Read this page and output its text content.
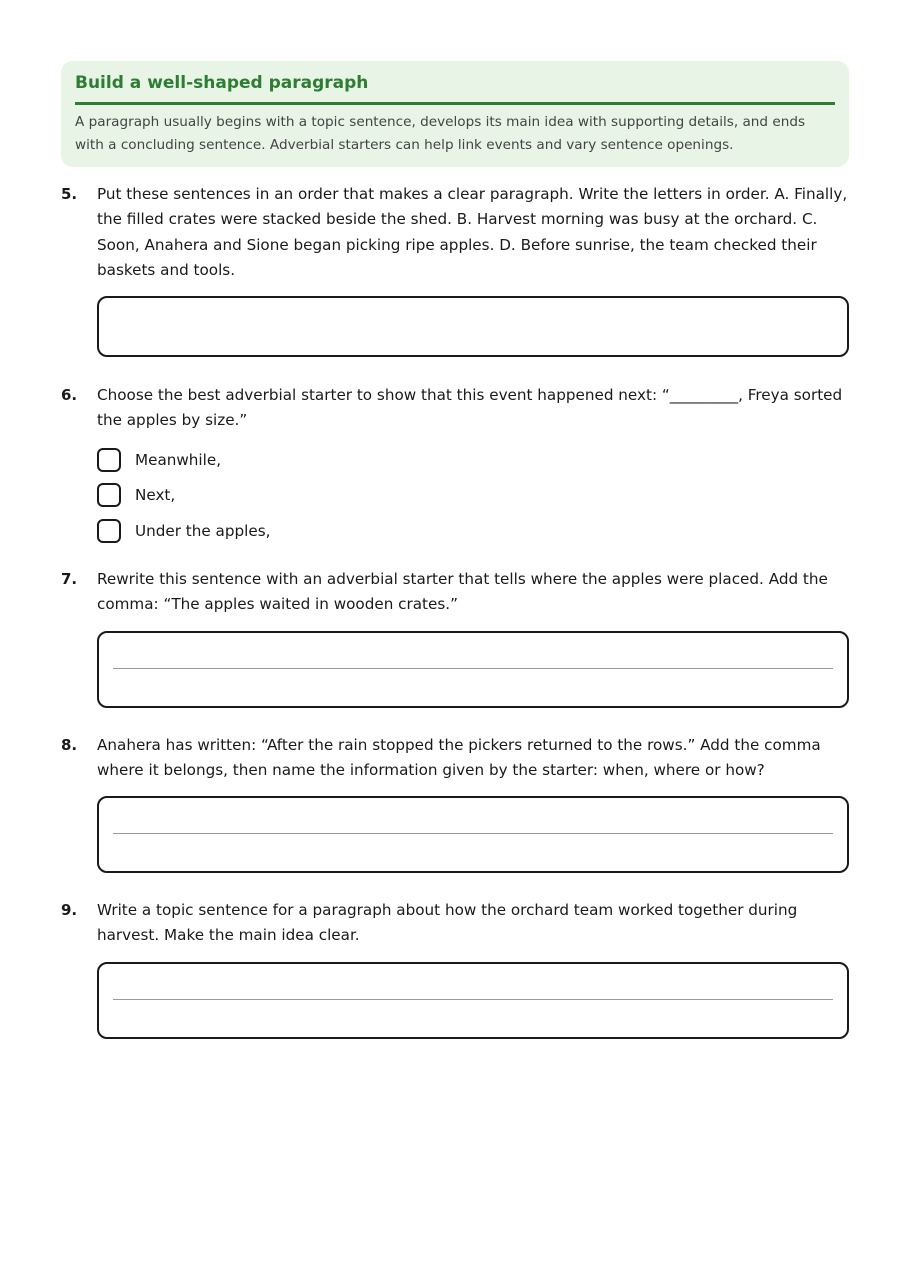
Build a well-shaped paragraph
A paragraph usually begins with a topic sentence, develops its main idea with supporting details, and ends with a concluding sentence. Adverbial starters can help link events and vary sentence openings.
5. Put these sentences in an order that makes a clear paragraph. Write the letters in order. A. Finally, the filled crates were stacked beside the shed. B. Harvest morning was busy at the orchard. C. Soon, Anahera and Sione began picking ripe apples. D. Before sunrise, the team checked their baskets and tools.
6. Choose the best adverbial starter to show that this event happened next: “_________, Freya sorted the apples by size.”
Meanwhile,
Next,
Under the apples,
7. Rewrite this sentence with an adverbial starter that tells where the apples were placed. Add the comma: “The apples waited in wooden crates.”
8. Anahera has written: “After the rain stopped the pickers returned to the rows.” Add the comma where it belongs, then name the information given by the starter: when, where or how?
9. Write a topic sentence for a paragraph about how the orchard team worked together during harvest. Make the main idea clear.
